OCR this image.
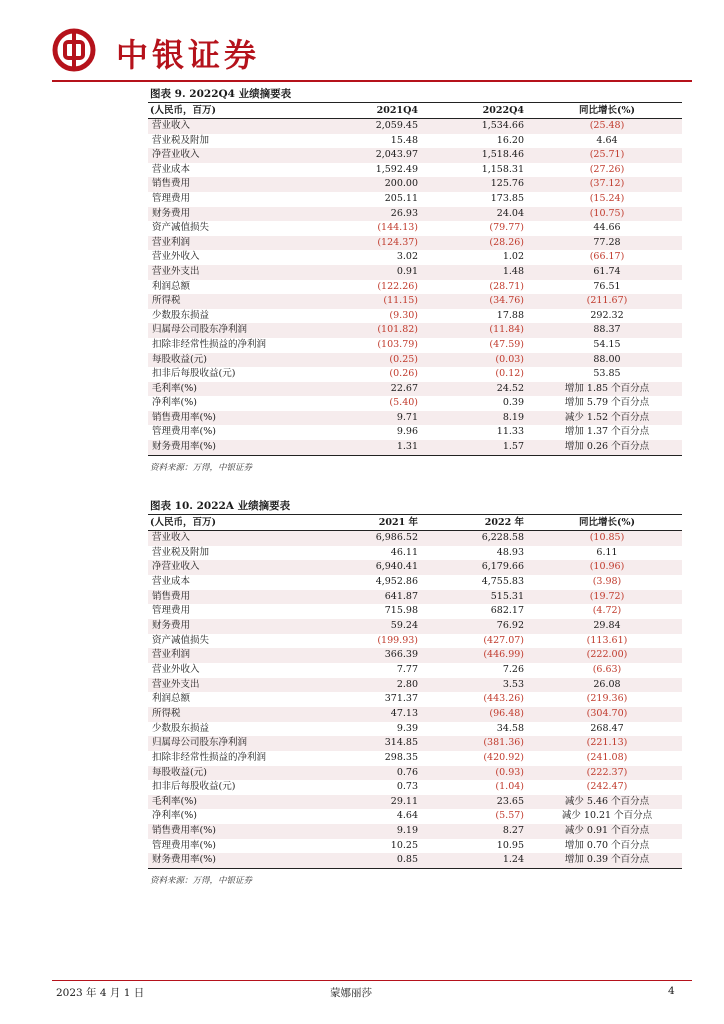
中银证券
图表 9. 2022Q4 业绩摘要表
(人民币，百万)	2021Q4	2022Q4	同比增长(%)
营业收入	2,059.45	1,534.66	(25.48)
营业税及附加	15.48	16.20	4.64
净营业收入	2,043.97	1,518.46	(25.71)
营业成本	1,592.49	1,158.31	(27.26)
销售费用	200.00	125.76	(37.12)
管理费用	205.11	173.85	(15.24)
财务费用	26.93	24.04	(10.75)
资产减值损失	(144.13)	(79.77)	44.66
营业利润	(124.37)	(28.26)	77.28
营业外收入	3.02	1.02	(66.17)
营业外支出	0.91	1.48	61.74
利润总额	(122.26)	(28.71)	76.51
所得税	(11.15)	(34.76)	(211.67)
少数股东损益	(9.30)	17.88	292.32
归属母公司股东净利润	(101.82)	(11.84)	88.37
扣除非经常性损益的净利润	(103.79)	(47.59)	54.15
每股收益(元)	(0.25)	(0.03)	88.00
扣非后每股收益(元)	(0.26)	(0.12)	53.85
毛利率(%)	22.67	24.52	增加 1.85 个百分点
净利率(%)	(5.40)	0.39	增加 5.79 个百分点
销售费用率(%)	9.71	8.19	减少 1.52 个百分点
管理费用率(%)	9.96	11.33	增加 1.37 个百分点
财务费用率(%)	1.31	1.57	增加 0.26 个百分点
资料来源：万得，中银证券
图表 10. 2022A 业绩摘要表
(人民币，百万)	2021 年	2022 年	同比增长(%)
营业收入	6,986.52	6,228.58	(10.85)
营业税及附加	46.11	48.93	6.11
净营业收入	6,940.41	6,179.66	(10.96)
营业成本	4,952.86	4,755.83	(3.98)
销售费用	641.87	515.31	(19.72)
管理费用	715.98	682.17	(4.72)
财务费用	59.24	76.92	29.84
资产减值损失	(199.93)	(427.07)	(113.61)
营业利润	366.39	(446.99)	(222.00)
营业外收入	7.77	7.26	(6.63)
营业外支出	2.80	3.53	26.08
利润总额	371.37	(443.26)	(219.36)
所得税	47.13	(96.48)	(304.70)
少数股东损益	9.39	34.58	268.47
归属母公司股东净利润	314.85	(381.36)	(221.13)
扣除非经常性损益的净利润	298.35	(420.92)	(241.08)
每股收益(元)	0.76	(0.93)	(222.37)
扣非后每股收益(元)	0.73	(1.04)	(242.47)
毛利率(%)	29.11	23.65	减少 5.46 个百分点
净利率(%)	4.64	(5.57)	减少 10.21 个百分点
销售费用率(%)	9.19	8.27	减少 0.91 个百分点
管理费用率(%)	10.25	10.95	增加 0.70 个百分点
财务费用率(%)	0.85	1.24	增加 0.39 个百分点
资料来源：万得，中银证券
2023 年 4 月 1 日	蒙娜丽莎	4
